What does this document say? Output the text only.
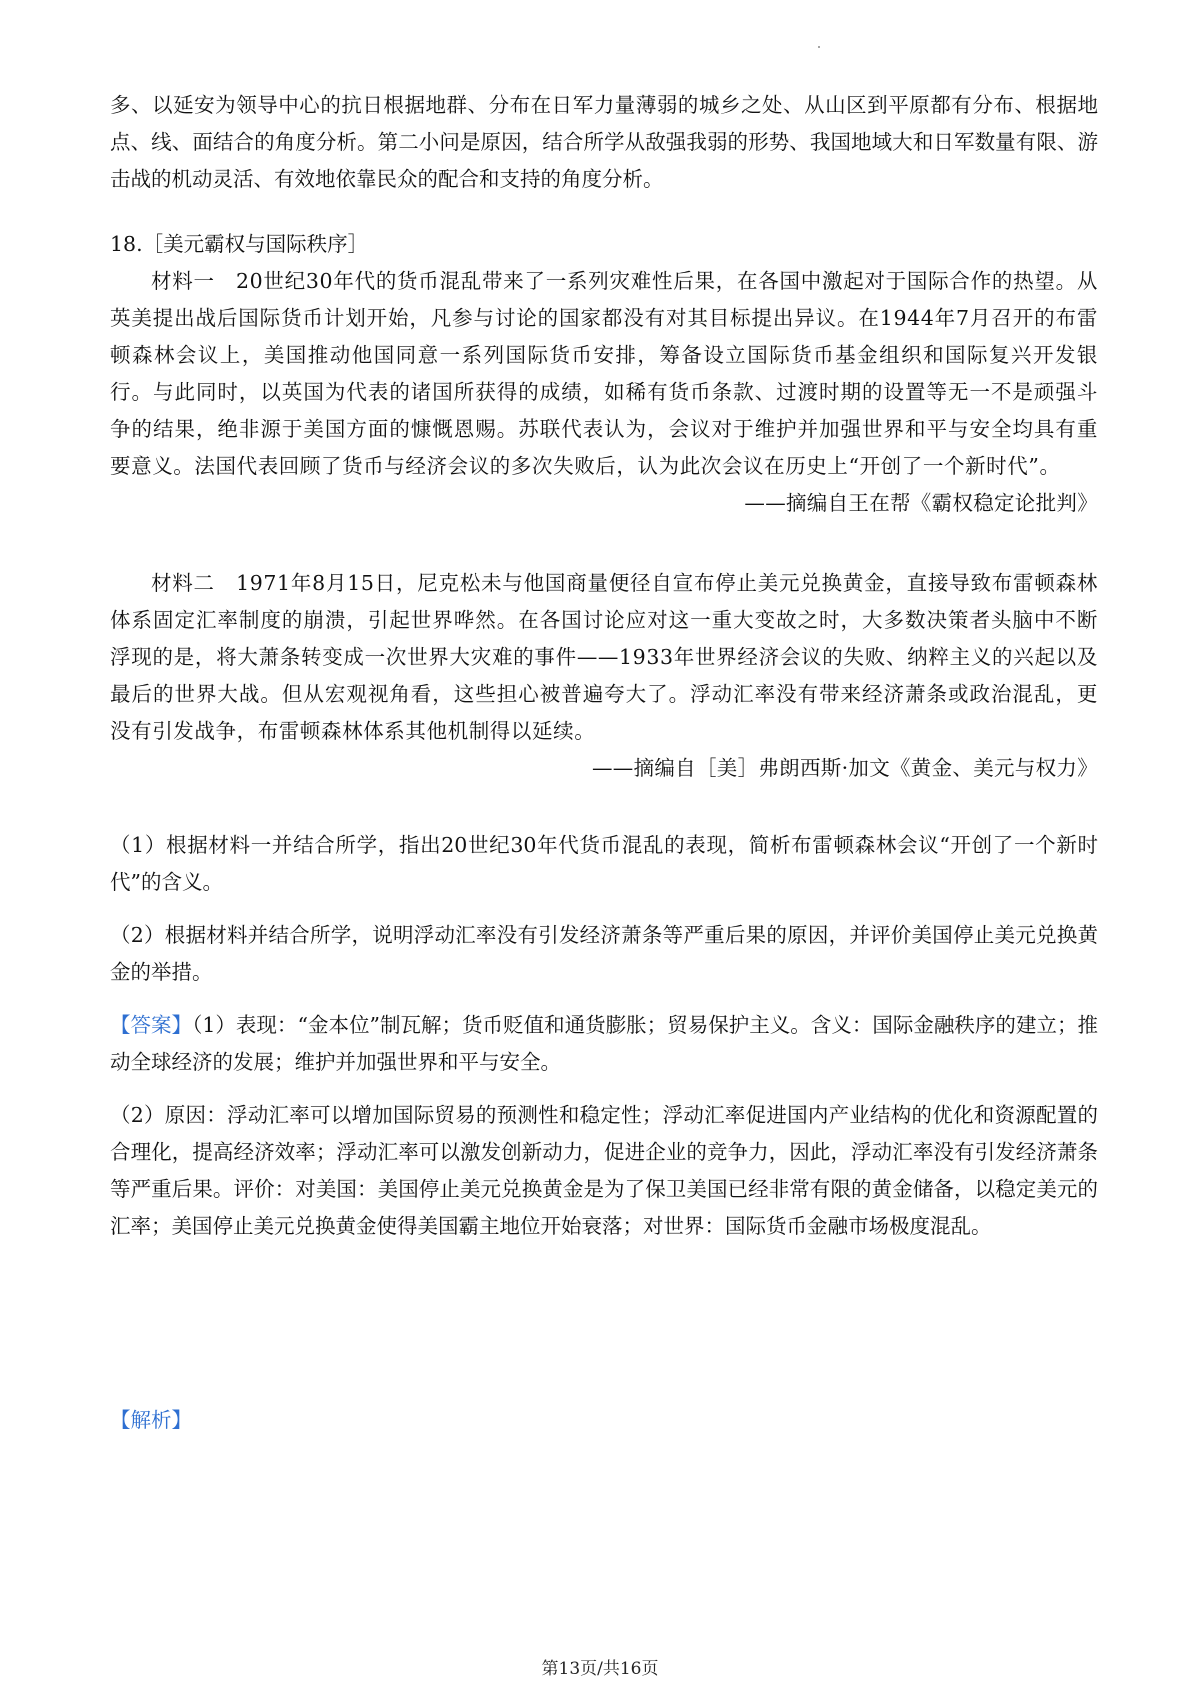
多、以延安为领导中心的抗日根据地群、分布在日军力量薄弱的城乡之处、从山区到平原都有分布、根据地点、线、面结合的角度分析。第二小问是原因，结合所学从敌强我弱的形势、我国地域大和日军数量有限、游击战的机动灵活、有效地依靠民众的配合和支持的角度分析。
18.［美元霸权与国际秩序］
材料一　20世纪30年代的货币混乱带来了一系列灾难性后果，在各国中激起对于国际合作的热望。从英美提出战后国际货币计划开始，凡参与讨论的国家都没有对其目标提出异议。在1944年7月召开的布雷顿森林会议上，美国推动他国同意一系列国际货币安排，筹备设立国际货币基金组织和国际复兴开发银行。与此同时，以英国为代表的诸国所获得的成绩，如稀有货币条款、过渡时期的设置等无一不是顽强斗争的结果，绝非源于美国方面的慷慨恩赐。苏联代表认为，会议对于维护并加强世界和平与安全均具有重要意义。法国代表回顾了货币与经济会议的多次失败后，认为此次会议在历史上“开创了一个新时代”。
——摘编自王在帮《霸权稳定论批判》
材料二　1971年8月15日，尼克松未与他国商量便径自宣布停止美元兑换黄金，直接导致布雷顿森林体系固定汇率制度的崩溃，引起世界哗然。在各国讨论应对这一重大变故之时，大多数决策者头脑中不断浮现的是，将大萧条转变成一次世界大灾难的事件——1933年世界经济会议的失败、纳粹主义的兴起以及最后的世界大战。但从宏观视角看，这些担心被普遍夸大了。浮动汇率没有带来经济萧条或政治混乱，更没有引发战争，布雷顿森林体系其他机制得以延续。
——摘编自［美］弗朗西斯·加文《黄金、美元与权力》
（1）根据材料一并结合所学，指出20世纪30年代货币混乱的表现，简析布雷顿森林会议“开创了一个新时代”的含义。
（2）根据材料并结合所学，说明浮动汇率没有引发经济萧条等严重后果的原因，并评价美国停止美元兑换黄金的举措。
【答案】（1）表现：“金本位”制瓦解；货币贬值和通货膨胀；贸易保护主义。含义：国际金融秩序的建立；推动全球经济的发展；维护并加强世界和平与安全。
（2）原因：浮动汇率可以增加国际贸易的预测性和稳定性；浮动汇率促进国内产业结构的优化和资源配置的合理化，提高经济效率；浮动汇率可以激发创新动力，促进企业的竞争力，因此，浮动汇率没有引发经济萧条等严重后果。评价：对美国：美国停止美元兑换黄金是为了保卫美国已经非常有限的黄金储备，以稳定美元的汇率；美国停止美元兑换黄金使得美国霸主地位开始衰落；对世界：国际货币金融市场极度混乱。
【解析】
第13页/共16页
